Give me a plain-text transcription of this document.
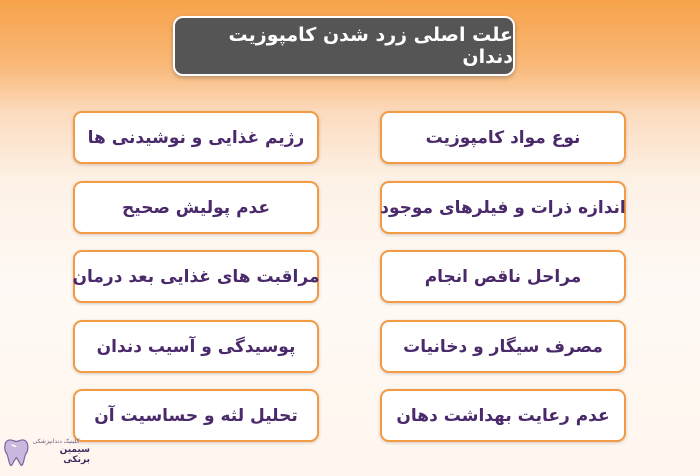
علت اصلی زرد شدن کامپوزیت دندان
رژیم غذایی و نوشیدنی ها
عدم پولیش صحیح
مراقبت های غذایی بعد درمان
پوسیدگی و آسیب دندان
تحلیل لثه و حساسیت آن
نوع مواد کامپوزیت
اندازه ذرات و فیلرهای موجود
مراحل ناقص انجام
مصرف سیگار و دخانیات
عدم رعایت بهداشت دهان
کلینیک دندانپزشکی
سیمین برنکی
